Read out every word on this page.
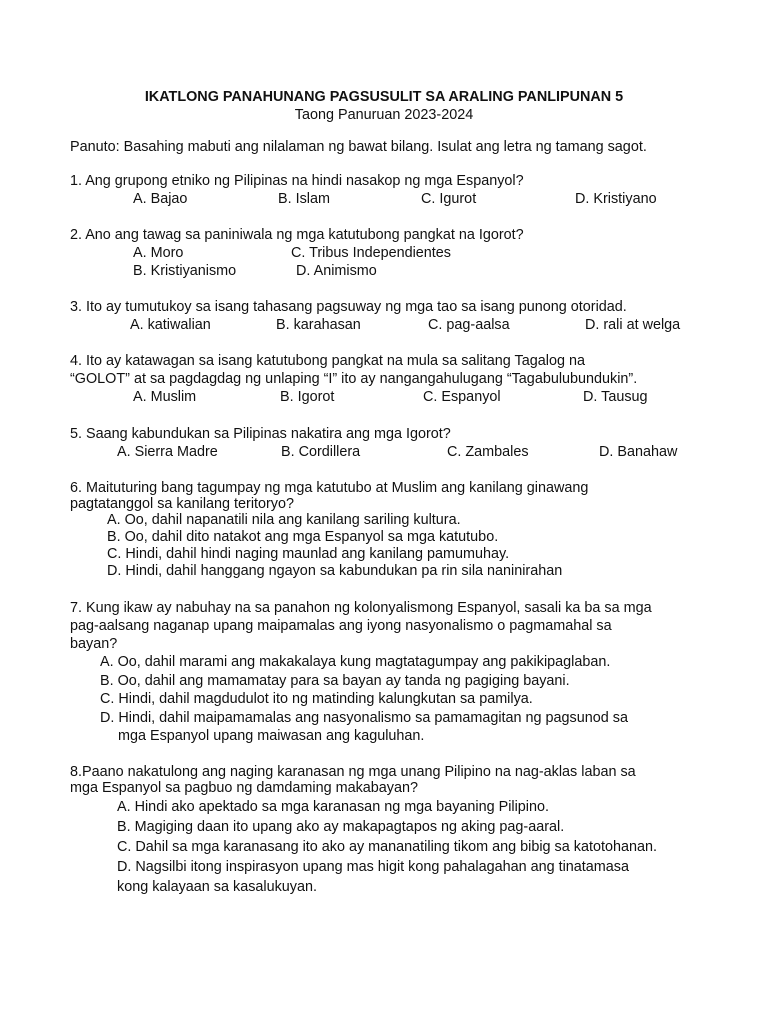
IKATLONG PANAHUNANG PAGSUSULIT SA ARALING PANLIPUNAN 5
Taong Panuruan 2023-2024
Panuto: Basahing mabuti ang nilalaman ng bawat bilang. Isulat ang letra ng tamang sagot.
1. Ang grupong etniko ng Pilipinas na hindi nasakop ng mga Espanyol?
A. Bajao	B. Islam	C. Igurot	D. Kristiyano
2. Ano ang tawag sa paniniwala ng mga katutubong pangkat na Igorot?
A. Moro	C. Tribus Independientes
B. Kristiyanismo	D. Animismo
3. Ito ay tumutukoy sa isang tahasang pagsuway ng mga tao sa isang punong otoridad.
A. katiwalian	B. karahasan	C. pag-aalsa	D. rali at welga
4. Ito ay katawagan sa isang katutubong pangkat na mula sa salitang Tagalog na
“GOLOT” at sa pagdagdag ng unlaping “I” ito ay nangangahulugang “Tagabulubundukin”.
A. Muslim	B. Igorot	C. Espanyol	D. Tausug
5. Saang kabundukan sa Pilipinas nakatira ang mga Igorot?
A. Sierra Madre	B. Cordillera	C. Zambales	D. Banahaw
6. Maituturing bang tagumpay ng mga katutubo at Muslim ang kanilang ginawang
pagtatanggol sa kanilang teritoryo?
A. Oo, dahil napanatili nila ang kanilang sariling kultura.
B. Oo, dahil dito natakot ang mga Espanyol sa mga katutubo.
C. Hindi, dahil hindi naging maunlad ang kanilang pamumuhay.
D. Hindi, dahil hanggang ngayon sa kabundukan pa rin sila naninirahan
7. Kung ikaw ay nabuhay na sa panahon ng kolonyalismong Espanyol, sasali ka ba sa mga
pag-aalsang naganap upang maipamalas ang iyong nasyonalismo o pagmamahal sa
bayan?
A. Oo, dahil marami ang makakalaya kung magtatagumpay ang pakikipaglaban.
B. Oo, dahil ang mamamatay para sa bayan ay tanda ng pagiging bayani.
C. Hindi, dahil magdudulot ito ng matinding kalungkutan sa pamilya.
D. Hindi, dahil maipamamalas ang nasyonalismo sa pamamagitan ng pagsunod sa
mga Espanyol upang maiwasan ang kaguluhan.
8.Paano nakatulong ang naging karanasan ng mga unang Pilipino na nag-aklas laban sa
mga Espanyol sa pagbuo ng damdaming makabayan?
A. Hindi ako apektado sa mga karanasan ng mga bayaning Pilipino.
B. Magiging daan ito upang ako ay makapagtapos ng aking pag-aaral.
C. Dahil sa mga karanasang ito ako ay mananatiling tikom ang bibig sa katotohanan.
D. Nagsilbi itong inspirasyon upang mas higit kong pahalagahan ang tinatamasa
kong kalayaan sa kasalukuyan.
